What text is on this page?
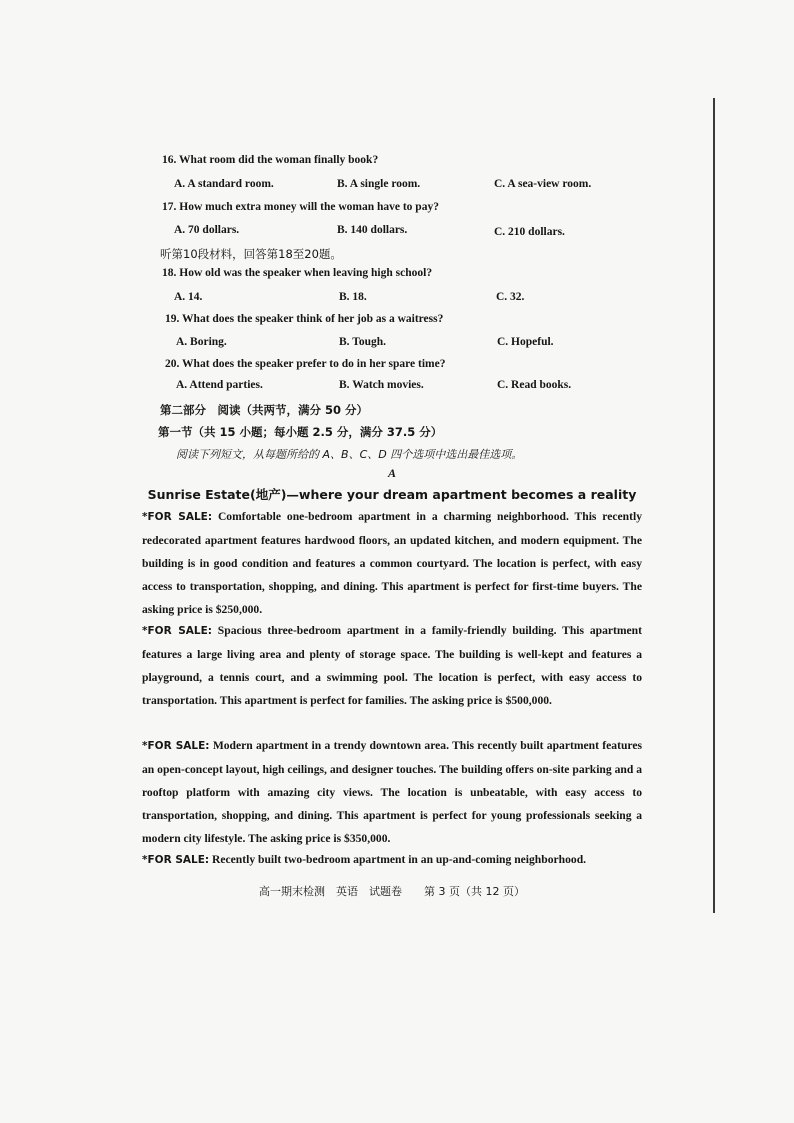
16. What room did the woman finally book?
A. A standard room.	B. A single room.	C. A sea-view room.
17. How much extra money will the woman have to pay?
A. 70 dollars.	B. 140 dollars.	C. 210 dollars.
听第10段材料，回答第18至20题。
18. How old was the speaker when leaving high school?
A. 14.	B. 18.	C. 32.
19. What does the speaker think of her job as a waitress?
A. Boring.	B. Tough.	C. Hopeful.
20. What does the speaker prefer to do in her spare time?
A. Attend parties.	B. Watch movies.	C. Read books.
第二部分　阅读（共两节，满分 50 分）
第一节（共 15 小题；每小题 2.5 分，满分 37.5 分）
阅读下列短文，从每题所给的 A、B、C、D 四个选项中选出最佳选项。
A
Sunrise Estate(地产)—where your dream apartment becomes a reality
*FOR SALE: Comfortable one-bedroom apartment in a charming neighborhood. This recently redecorated apartment features hardwood floors, an updated kitchen, and modern equipment. The building is in good condition and features a common courtyard. The location is perfect, with easy access to transportation, shopping, and dining. This apartment is perfect for first-time buyers. The asking price is $250,000.
*FOR SALE: Spacious three-bedroom apartment in a family-friendly building. This apartment features a large living area and plenty of storage space. The building is well-kept and features a playground, a tennis court, and a swimming pool. The location is perfect, with easy access to transportation. This apartment is perfect for families. The asking price is $500,000.
*FOR SALE: Modern apartment in a trendy downtown area. This recently built apartment features an open-concept layout, high ceilings, and designer touches. The building offers on-site parking and a rooftop platform with amazing city views. The location is unbeatable, with easy access to transportation, shopping, and dining. This apartment is perfect for young professionals seeking a modern city lifestyle. The asking price is $350,000.
*FOR SALE: Recently built two-bedroom apartment in an up-and-coming neighborhood.
高一期末检测　英语　试题卷　　第 3 页（共 12 页）
